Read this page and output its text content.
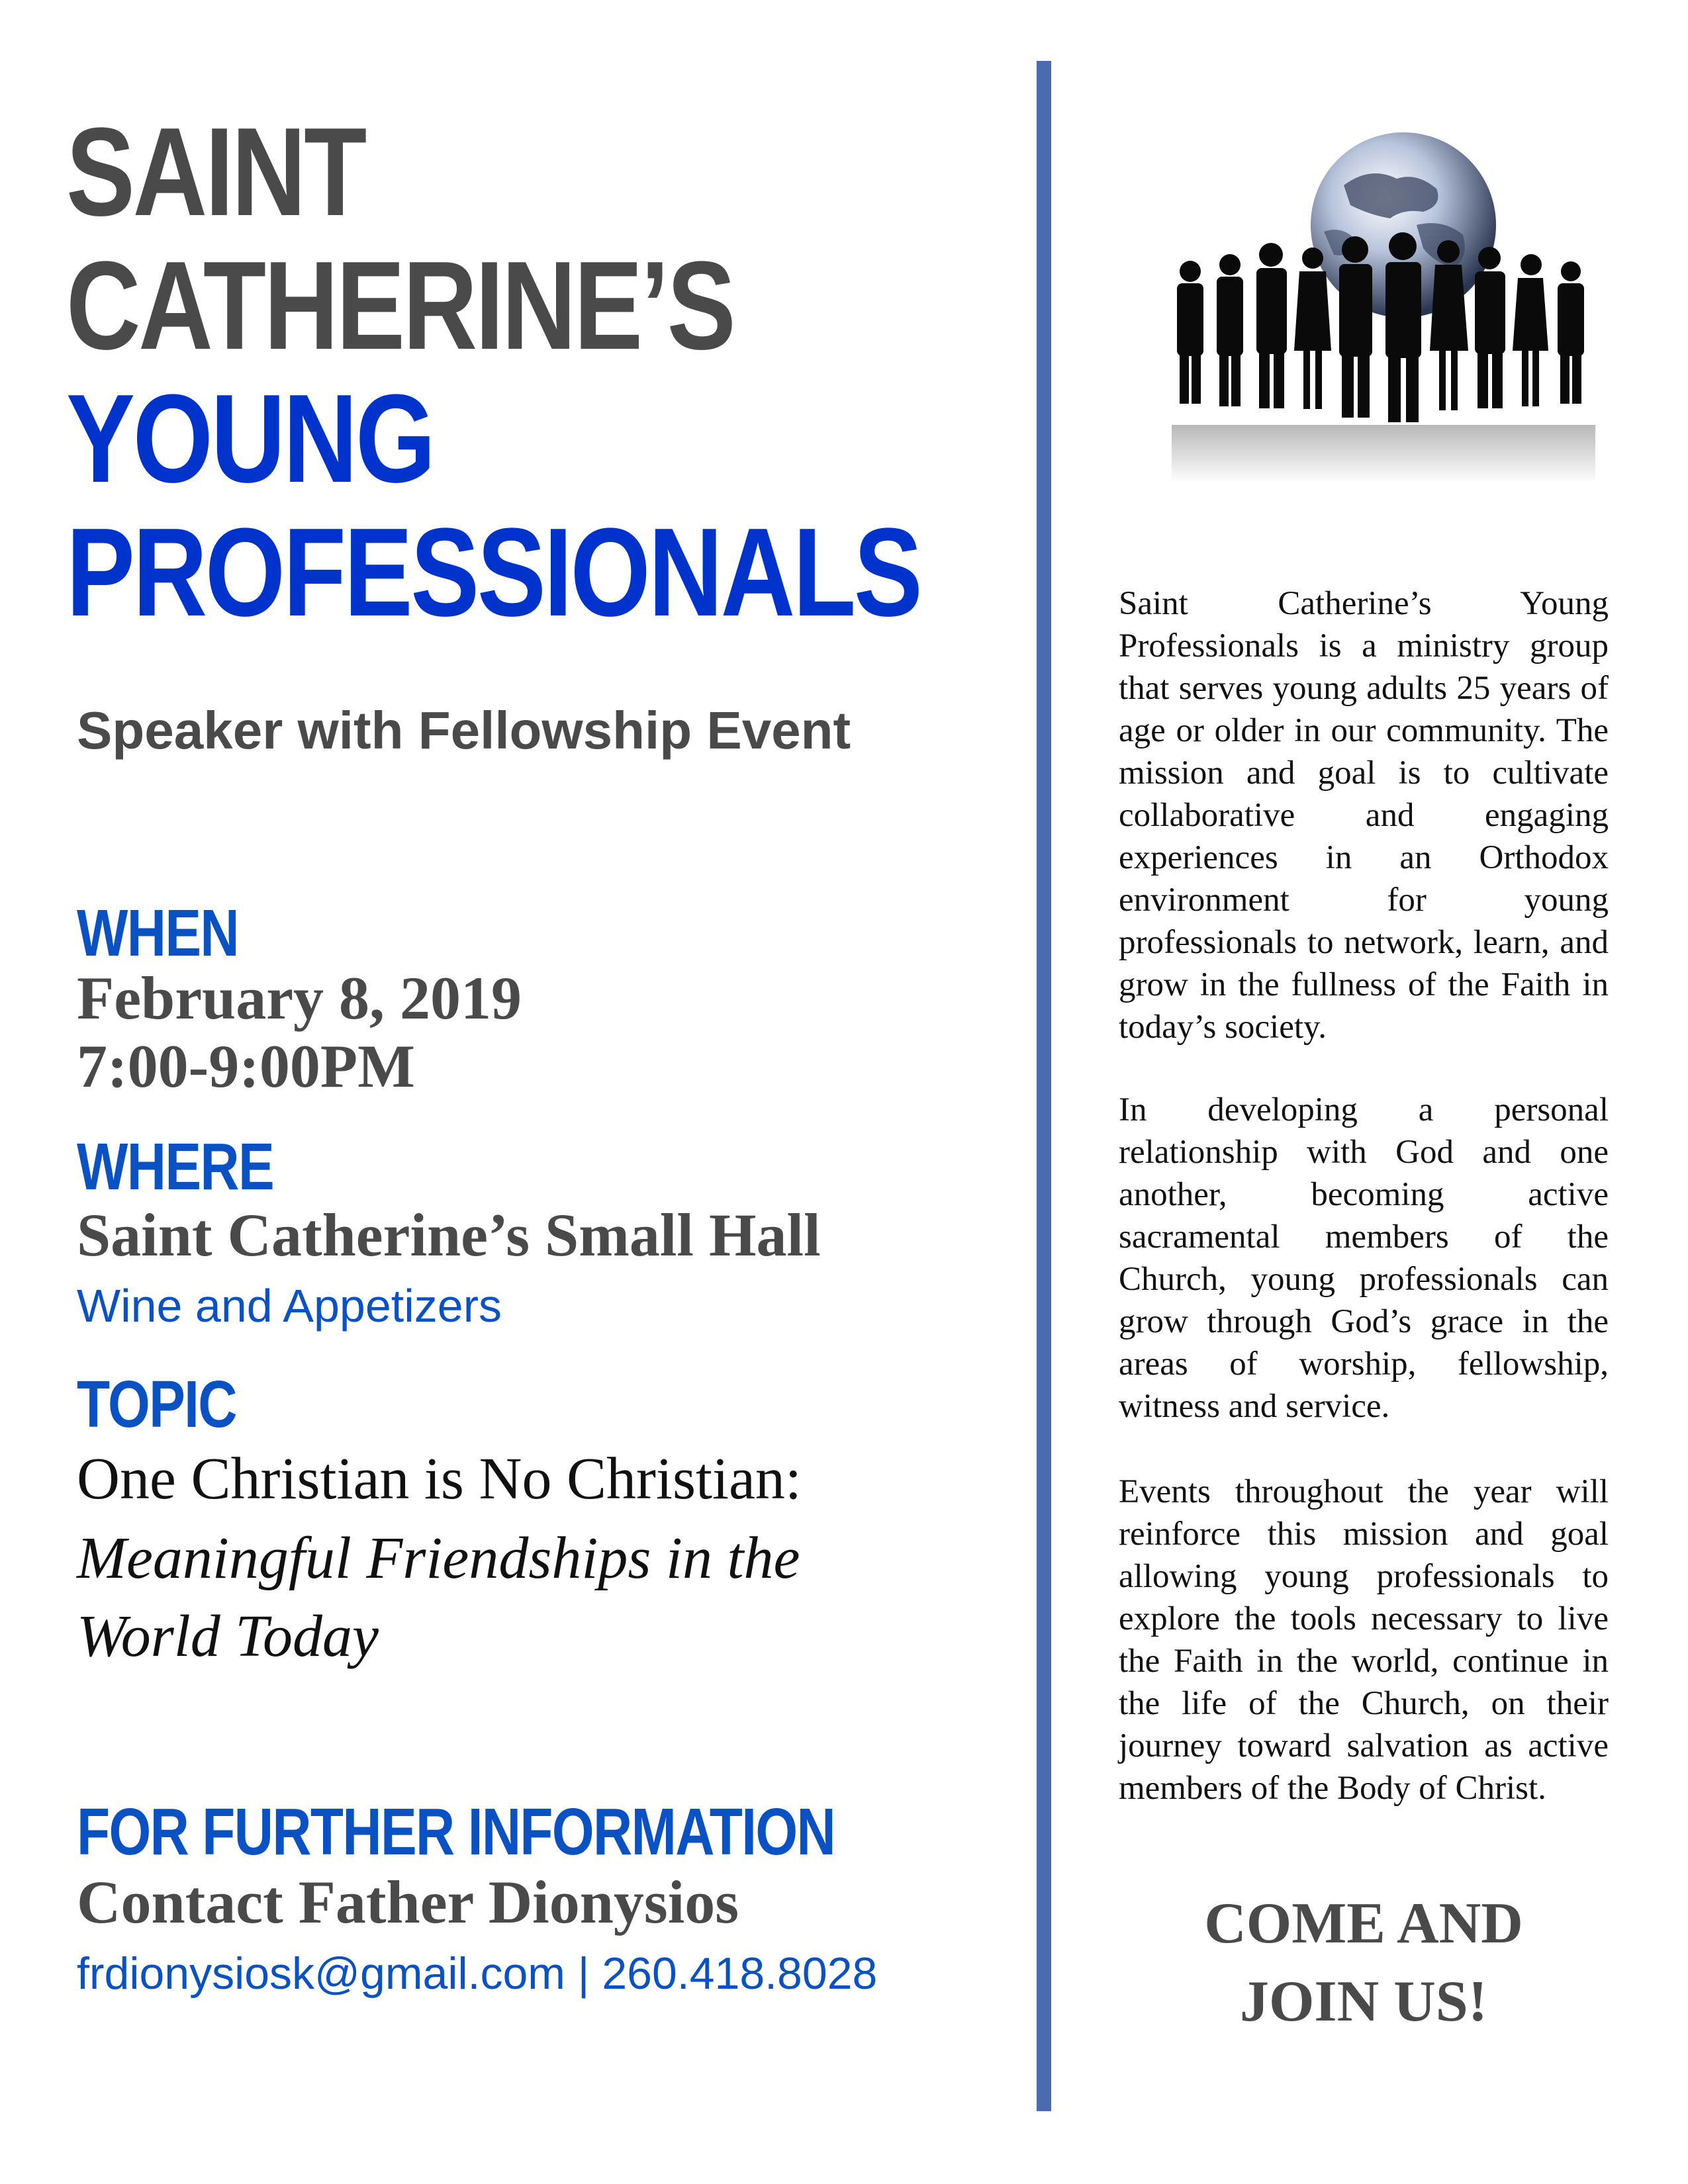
SAINT
CATHERINE’S
YOUNG
PROFESSIONALS

Speaker with Fellowship Event

WHEN

February 8, 2019

7:00-9:00PM

WHERE

Saint Catherine’s Small Hall

Wine and Appetizers

TOPIC

One Christian is No Christian:

Meaningful Friendships in the

World Today

FOR FURTHER INFORMATION

Contact Father Dionysios

frdionysiosk@gmail.com | 260.418.8028

Saint Catherine’s Young Professionals is a ministry group that serves young adults 25 years of age or older in our community. The mission and goal is to cultivate collaborative and engaging experiences in an Orthodox environment for young professionals to network, learn, and grow in the fullness of the Faith in today’s society.

In developing a personal relationship with God and one another, becoming active sacramental members of the Church, young professionals can grow through God’s grace in the areas of worship, fellowship, witness and service.

Events throughout the year will reinforce this mission and goal allowing young professionals to explore the tools necessary to live the Faith in the world, continue in the life of the Church, on their journey toward salvation as active members of the Body of Christ.

COME AND

JOIN US!
